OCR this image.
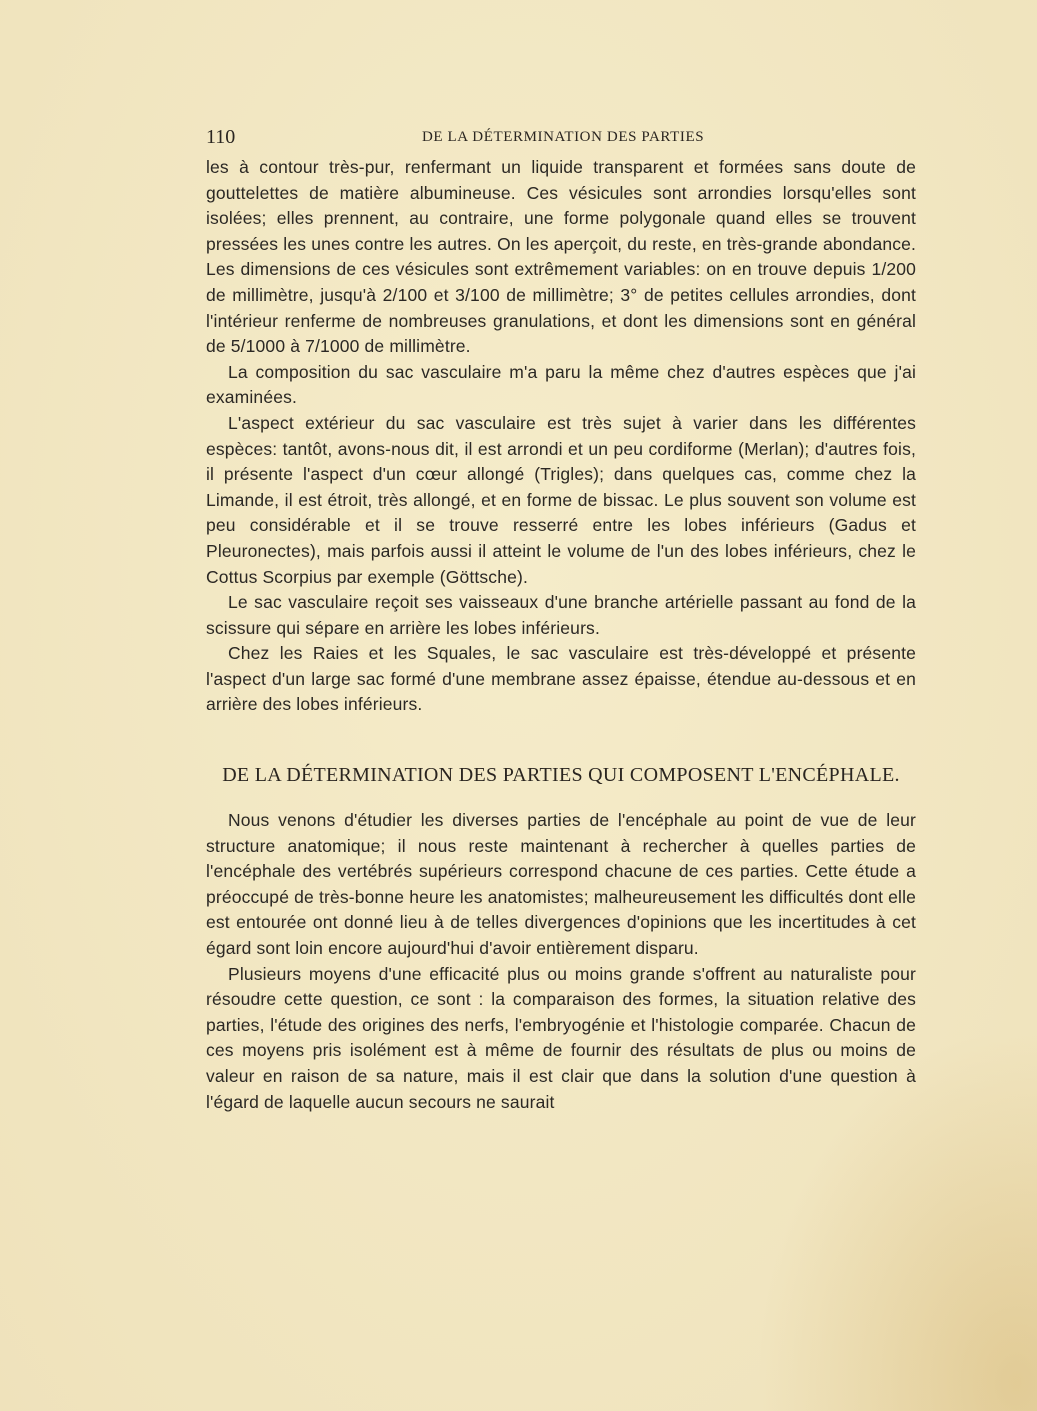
110	DE LA DÉTERMINATION DES PARTIES

les à contour très-pur, renfermant un liquide transparent et formées sans doute de gouttelettes de matière albumineuse. Ces vésicules sont arrondies lorsqu'elles sont isolées; elles prennent, au contraire, une forme polygonale quand elles se trouvent pressées les unes contre les autres. On les aperçoit, du reste, en très-grande abondance. Les dimensions de ces vésicules sont extrêmement variables: on en trouve depuis 1/200 de millimètre, jusqu'à 2/100 et 3/100 de millimètre; 3° de petites cellules arrondies, dont l'intérieur renferme de nombreuses granulations, et dont les dimensions sont en général de 5/1000 à 7/1000 de millimètre.

La composition du sac vasculaire m'a paru la même chez d'autres espèces que j'ai examinées.

L'aspect extérieur du sac vasculaire est très sujet à varier dans les différentes espèces: tantôt, avons-nous dit, il est arrondi et un peu cordiforme (Merlan); d'autres fois, il présente l'aspect d'un cœur allongé (Trigles); dans quelques cas, comme chez la Limande, il est étroit, très allongé, et en forme de bissac. Le plus souvent son volume est peu considérable et il se trouve resserré entre les lobes inférieurs (Gadus et Pleuronectes), mais parfois aussi il atteint le volume de l'un des lobes inférieurs, chez le Cottus Scorpius par exemple (Göttsche).

Le sac vasculaire reçoit ses vaisseaux d'une branche artérielle passant au fond de la scissure qui sépare en arrière les lobes inférieurs.

Chez les Raies et les Squales, le sac vasculaire est très-développé et présente l'aspect d'un large sac formé d'une membrane assez épaisse, étendue au-dessous et en arrière des lobes inférieurs.

DE LA DÉTERMINATION DES PARTIES QUI COMPOSENT L'ENCÉPHALE.

Nous venons d'étudier les diverses parties de l'encéphale au point de vue de leur structure anatomique; il nous reste maintenant à rechercher à quelles parties de l'encéphale des vertébrés supérieurs correspond chacune de ces parties. Cette étude a préoccupé de très-bonne heure les anatomistes; malheureusement les difficultés dont elle est entourée ont donné lieu à de telles divergences d'opinions que les incertitudes à cet égard sont loin encore aujourd'hui d'avoir entièrement disparu.

Plusieurs moyens d'une efficacité plus ou moins grande s'offrent au naturaliste pour résoudre cette question, ce sont : la comparaison des formes, la situation relative des parties, l'étude des origines des nerfs, l'embryogénie et l'histologie comparée. Chacun de ces moyens pris isolément est à même de fournir des résultats de plus ou moins de valeur en raison de sa nature, mais il est clair que dans la solution d'une question à l'égard de laquelle aucun secours ne saurait
